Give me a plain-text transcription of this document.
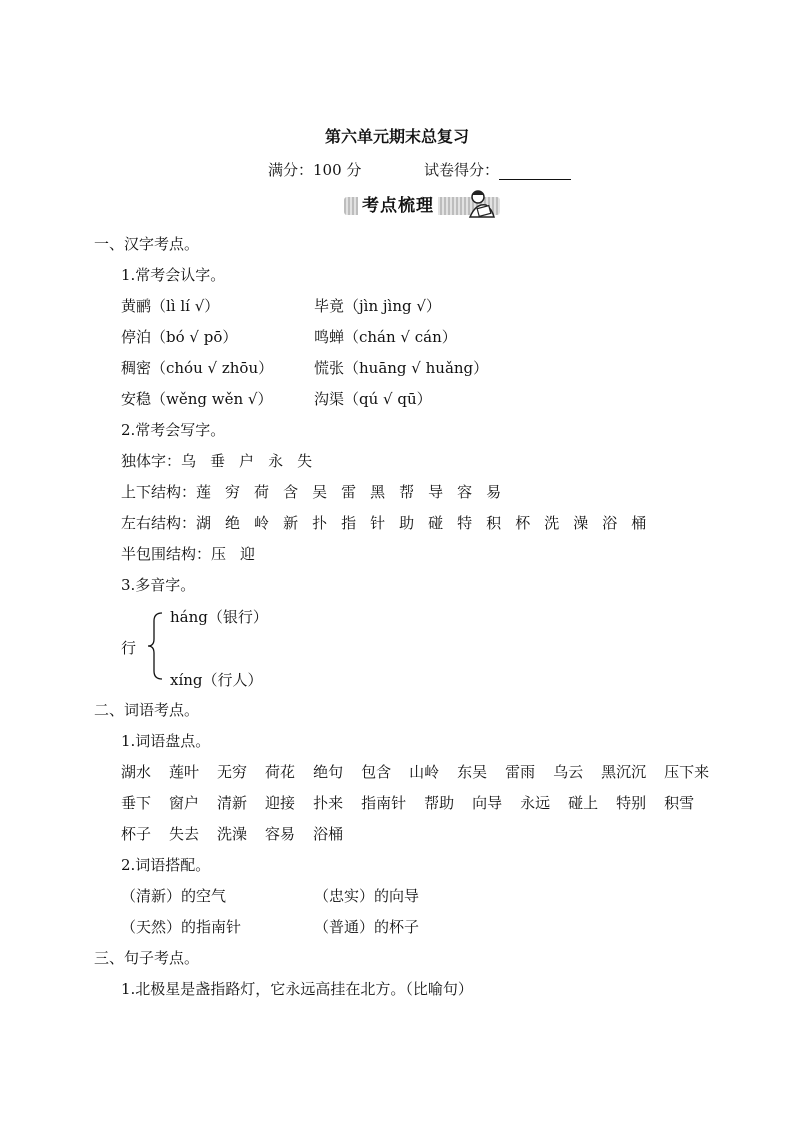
第六单元期末总复习
满分：100 分	试卷得分：
考点梳理
一、汉字考点。
1.常考会认字。
黄鹂（lì lí √）	毕竟（jìn jìng √）
停泊（bó √ pō）	鸣蝉（chán √ cán）
稠密（chóu √ zhōu）	慌张（huāng √ huǎng）
安稳（wěng wěn √）	沟渠（qú √ qū）
2.常考会写字。
独体字：乌 垂 户 永 失
上下结构：莲 穷 荷 含 吴 雷 黑 帮 导 容 易
左右结构：湖 绝 岭 新 扑 指 针 助 碰 特 积 杯 洗 澡 浴 桶
半包围结构：压 迎
3.多音字。
行
háng（银行）
xíng（行人）
二、词语考点。
1.词语盘点。
湖水 莲叶 无穷 荷花 绝句 包含 山岭 东吴 雷雨 乌云 黑沉沉 压下来
垂下 窗户 清新 迎接 扑来 指南针 帮助 向导 永远 碰上 特别 积雪
杯子 失去 洗澡 容易 浴桶
2.词语搭配。
（清新）的空气	（忠实）的向导
（天然）的指南针	（普通）的杯子
三、句子考点。
1.北极星是盏指路灯，它永远高挂在北方。（比喻句）
